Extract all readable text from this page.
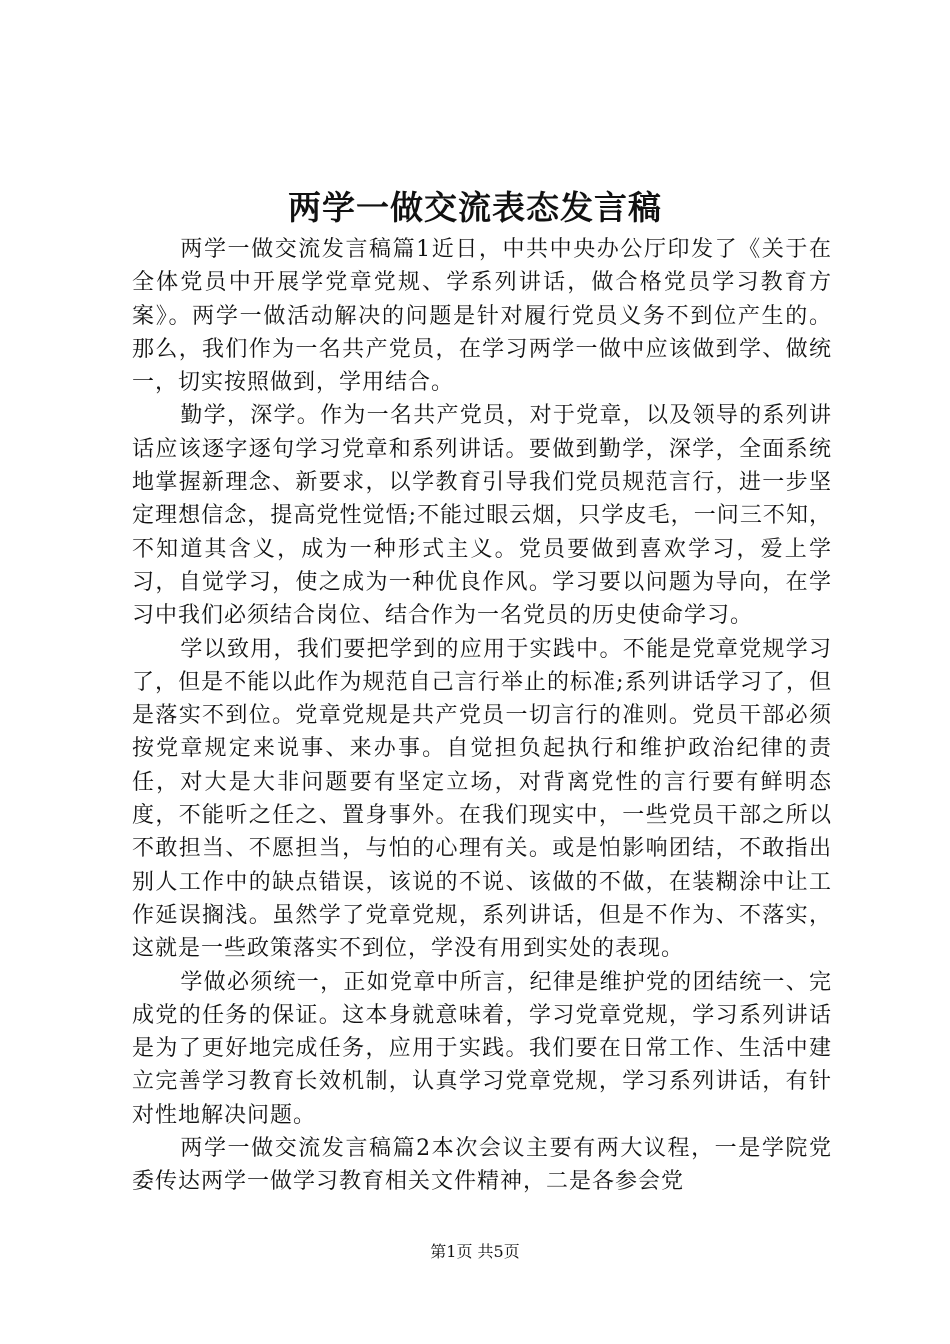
两学一做交流表态发言稿

两学一做交流发言稿篇1近日，中共中央办公厅印发了《关于在全体党员中开展学党章党规、学系列讲话，做合格党员学习教育方案》。两学一做活动解决的问题是针对履行党员义务不到位产生的。那么，我们作为一名共产党员，在学习两学一做中应该做到学、做统一，切实按照做到，学用结合。

勤学，深学。作为一名共产党员，对于党章，以及领导的系列讲话应该逐字逐句学习党章和系列讲话。要做到勤学，深学，全面系统地掌握新理念、新要求，以学教育引导我们党员规范言行，进一步坚定理想信念，提高党性觉悟;不能过眼云烟，只学皮毛，一问三不知，不知道其含义，成为一种形式主义。党员要做到喜欢学习，爱上学习，自觉学习，使之成为一种优良作风。学习要以问题为导向，在学习中我们必须结合岗位、结合作为一名党员的历史使命学习。

学以致用，我们要把学到的应用于实践中。不能是党章党规学习了，但是不能以此作为规范自己言行举止的标准;系列讲话学习了，但是落实不到位。党章党规是共产党员一切言行的准则。党员干部必须按党章规定来说事、来办事。自觉担负起执行和维护政治纪律的责任，对大是大非问题要有坚定立场，对背离党性的言行要有鲜明态度，不能听之任之、置身事外。在我们现实中，一些党员干部之所以不敢担当、不愿担当，与怕的心理有关。或是怕影响团结，不敢指出别人工作中的缺点错误，该说的不说、该做的不做，在装糊涂中让工作延误搁浅。虽然学了党章党规，系列讲话，但是不作为、不落实，这就是一些政策落实不到位，学没有用到实处的表现。

学做必须统一，正如党章中所言，纪律是维护党的团结统一、完成党的任务的保证。这本身就意味着，学习党章党规，学习系列讲话是为了更好地完成任务，应用于实践。我们要在日常工作、生活中建立完善学习教育长效机制，认真学习党章党规，学习系列讲话，有针对性地解决问题。

两学一做交流发言稿篇2本次会议主要有两大议程，一是学院党委传达两学一做学习教育相关文件精神，二是各参会党

第1页 共5页
